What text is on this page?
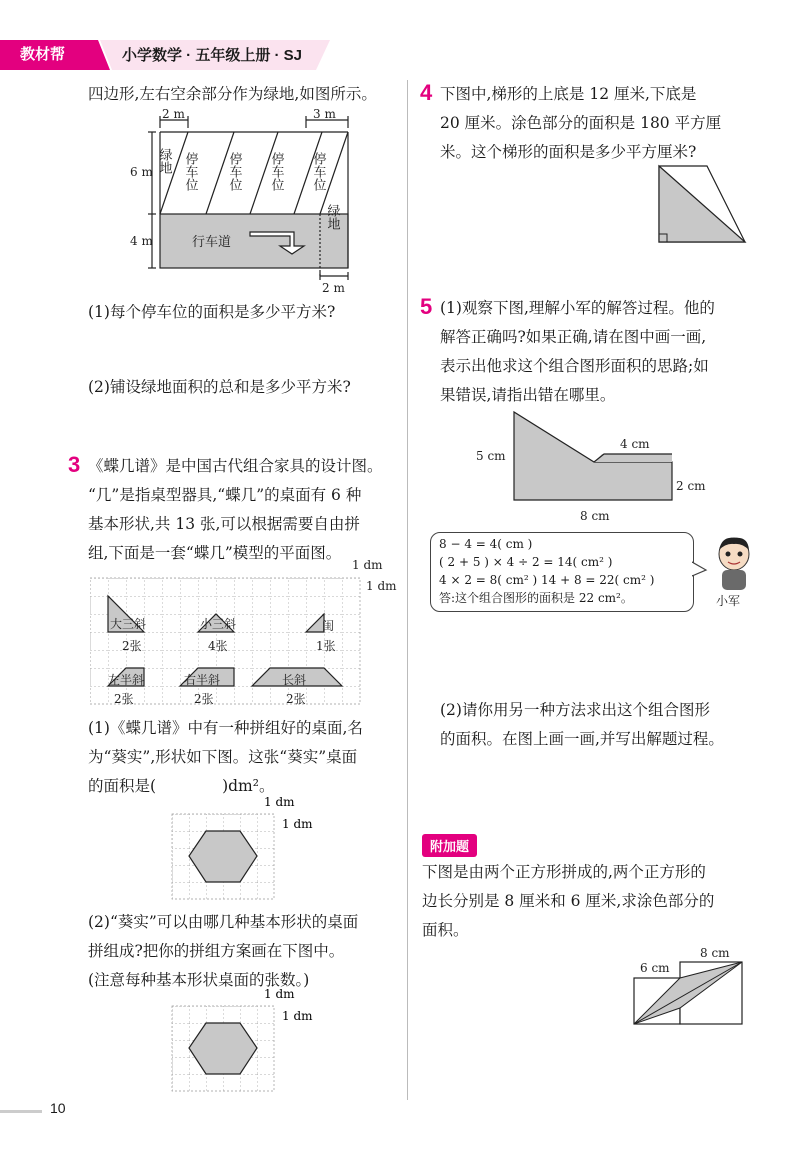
教材帮	小学数学 · 五年级上册 · SJ
四边形,左右空余部分作为绿地,如图所示。
2 m	3 m
6 m
4 m
2 m
绿地 停车位 停车位 停车位 停车位
绿地
行车道
(1)每个停车位的面积是多少平方米?
(2)铺设绿地面积的总和是多少平方米?
3 《蝶几谱》是中国古代组合家具的设计图。
“几”是指桌型器具,“蝶几”的桌面有 6 种
基本形状,共 13 张,可以根据需要自由拼
组,下面是一套“蝶几”模型的平面图。
大三斜
2张
小三斜
4张
闺
1张
左半斜
2张
右半斜
2张
长斜
2张
1 dm
1 dm
(1)《蝶几谱》中有一种拼组好的桌面,名
为“葵实”,形状如下图。这张“葵实”桌面
的面积是(	)dm²。
1 dm
1 dm
(2)“葵实”可以由哪几种基本形状的桌面
拼组成?把你的拼组方案画在下图中。
(注意每种基本形状桌面的张数。)
1 dm
1 dm
10
4 下图中,梯形的上底是 12 厘米,下底是
20 厘米。涂色部分的面积是 180 平方厘
米。这个梯形的面积是多少平方厘米?
5 (1)观察下图,理解小军的解答过程。他的
解答正确吗?如果正确,请在图中画一画,
表示出他求这个组合图形面积的思路;如
果错误,请指出错在哪里。
5 cm
4 cm
2 cm
8 cm
8 − 4 = 4( cm )
( 2 + 5 ) × 4 ÷ 2 = 14( cm² )
4 × 2 = 8( cm² ) 14 + 8 = 22( cm² )
答:这个组合图形的面积是 22 cm²。	小军
(2)请你用另一种方法求出这个组合图形
的面积。在图上画一画,并写出解题过程。
附加题
下图是由两个正方形拼成的,两个正方形的
边长分别是 8 厘米和 6 厘米,求涂色部分的
面积。
8 cm
6 cm
